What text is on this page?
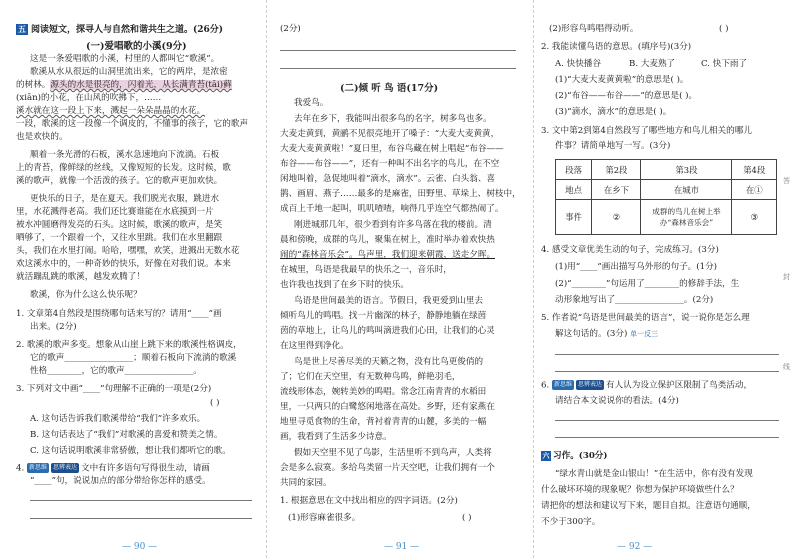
五 阅读短文，探寻人与自然和谐共生之道。(26分)
(一)爱唱歌的小溪(9分)
这是一条爱唱歌的小溪，村里的人都叫它“歌溪”。
歌溪从水从很远的山洞里流出来，它的两岸，是浓密
的树林。源头的水是很亮的，闪着光，从长满青苔(tāi)藓
(xiān)的小花，在山风的吹拂下，……
溪水就在这一段上下来，溅起一朵朵晶晶的水花。
一段，歌溪的这一段像一个调皮的，不懂事的孩子，它的歌声
也是欢快的。
顺着一条光滑的石板，溪水急速地向下流淌。石板
上的青苔，像鲜绿的丝线，又像短短的长发。这时候，歌
溪的歌声，就像一个活泼的孩子。它的歌声更加欢快。
更快乐的日子，是在夏天。我们脱光衣服，跳进水
里，水花溅得老高。我们还比赛谁能在水底摸到一片
被水冲圆磨得发亮的石头。这时候，歌溪的歌声，是笑
晒够了，一个跟着一个，又往水里跳。我们在水里翻跟
头，我们在水里打闹。哈哈，嘿嘿，欢笑，进溅出无数水花
欢这溪水中的，一种奇妙的快乐，好像在对我们说。本来
就活蹦乱跳的歌溪，越发欢腾了！
歌溪，你为什么这么快乐呢？
1. 文章第4自然段是围绕哪句话来写的？请用“____”画
出来。(2分)
2. 歌溪的歌声多变。想象从山崖上跳下来的歌溪性格调皮，
它的歌声________________；顺着石板向下流淌的歌溪
性格________，它的歌声________________。
3. 下列对文中画“____”句理解不正确的一项是(2分)
( )
A. 这句话告诉我们歌溪带给“我们”许多欢乐。
B. 这句话表达了“我们”对歌溪的喜爱和赞美之情。
C. 这句话说明歌溪非常骄傲，想让我们都听它的歌。
4. 新思维 思辨表达 文中有许多语句写得很生动，请画
“____”句，说说加点的部分带给你怎样的感受。
— 90 —
(2分)
(二)倾 听 鸟 语(17分)
我爱鸟。
去年在乡下，我能叫出很多鸟的名字，树多鸟也多。
大麦走黄到，黄鹂不见很亮地开了嗓子：“大麦大麦黄黄，
大麦大麦黄黄啦！”夏日里，布谷鸟藏在树上唱起“布谷——
布谷——布谷——”，还有一种叫不出名字的鸟儿，在不空
闲地叫着，急促地叫着“滴水，滴水”。云雀、白头翁、喜
鹊、画眉、燕子……最多的是麻雀，田野里、草垛上、树枝中，
成百上千地一起叫，叽叽喳喳，响得几乎连空气都热闹了。
刚进城那几年，很少看到有许多鸟落在我的楼前。清
晨和傍晚，成群的鸟儿，聚集在树上，准时举办着欢快热
闹的“森林音乐会”。鸟声里，我们迎来朝霞，送走夕晖。
在城里，鸟语是我最早的快乐之一，音乐时，
也许我也找到了在乡下时的快乐。
鸟语是世间最美的语言。节假日，我更爱到山里去
倾听鸟儿的鸣唱。找一片幽深的林子，静静地躺在绿茵
茵的草地上，让鸟儿的鸣叫滴进我们心田，让我们的心灵
在这里得到净化。
鸟是世上尽善尽美的天籁之物，没有比鸟更俊俏的
了；它们在天空里，有无数种鸟鸣，鲜艳羽毛，
流线形体态，婉转美妙的鸣唱。常念江南青青的水稻田
里，一只两只的白鹭悠闲地落在高处。乡野，还有家燕在
地里寻觅食物的生命，背衬着青青的山麓，多美的一幅
画，我看到了生活多少诗意。
假如天空里不见了鸟影，生活里听不到鸟声，人类将
会是多么寂寞。多给鸟类留一片天空吧，让我们拥有一个
共同的家园。
1. 根据意思在文中找出相应的四字词语。(2分)
(1)形容麻雀很多。	( )
— 91 —
(2)形容鸟鸣唱得动听。	( )
2. 我能读懂鸟语的意思。(填序号)(3分)
A. 快快播谷	B. 大麦熟了	C. 快下雨了
(1)“大麦大麦黄黄啦”的意思是( )。
(2)“布谷——布谷——”的意思是( )。
(3)“滴水，滴水”的意思是( )。
3. 文中第2到第4自然段写了哪些地方和鸟儿相关的哪儿
件事？请简单地写一写。(3分)
段落	第2段	第3段	第4段
地点	在乡下	在城市	在①
事件	②	成群的鸟儿在树上举办“森林音乐会”	③
4. 感受文章优美生动的句子，完成练习。(3分)
(1)用“____”画出描写乌外形的句子。(1分)
(2)“________”句运用了________的修辞手法，生
动形象地写出了________________。(2分)
5. 作者说“鸟语是世间最美的语言”，说一说你是怎么理
解这句话的。(3分) 单一反三
6. 新思维 思辨表达 有人认为设立保护区限制了鸟类活动，
请结合本文说说你的看法。(4分)
六 习作。(30分)
“绿水青山就是金山银山！”在生活中，你有没有发现
什么破坏环境的现象呢？你想为保护环境做些什么？
请把你的想法和建议写下来，题目自拟。注意语句通顺，
不少于300字。
答
封
线
— 92 —
